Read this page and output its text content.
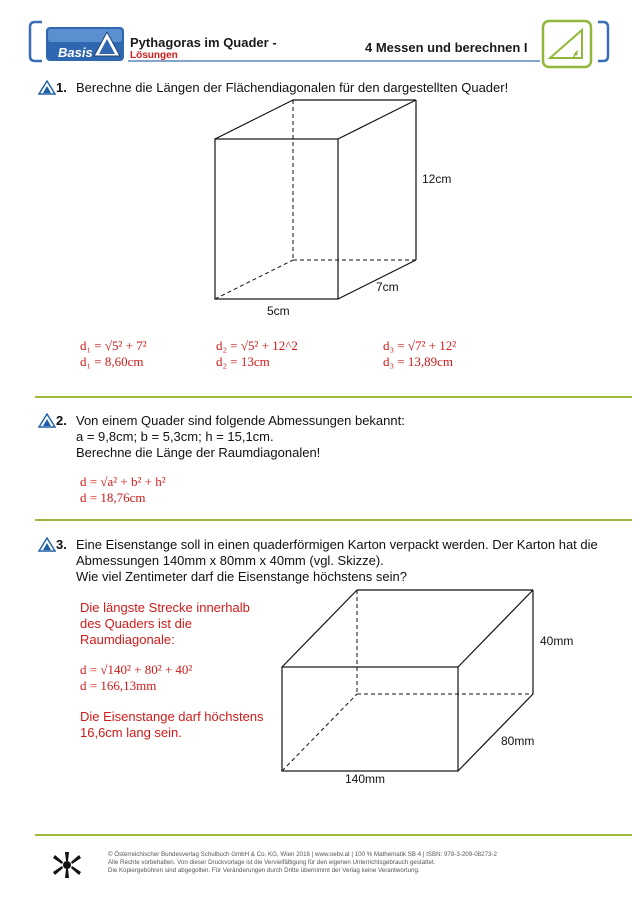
Basis
Pythagoras im Quader -
Lösungen
4 Messen und berechnen I
1. Berechne die Längen der Flächendiagonalen für den dargestellten Quader!
12cm
7cm
5cm
d₁ = √5² + 7²
d₁ = 8,60cm
d₂ = √5² + 12^2
d₂ = 13cm
d₃ = √7² + 12²
d₃ = 13,89cm
2. Von einem Quader sind folgende Abmessungen bekannt:
a = 9,8cm; b = 5,3cm; h = 15,1cm.
Berechne die Länge der Raumdiagonalen!
d = √a² + b² + h²
d = 18,76cm
3. Eine Eisenstange soll in einen quaderförmigen Karton verpackt werden. Der Karton hat die
Abmessungen 140mm x 80mm x 40mm (vgl. Skizze).
Wie viel Zentimeter darf die Eisenstange höchstens sein?
Die längste Strecke innerhalb
des Quaders ist die
Raumdiagonale:
d = √140² + 80² + 40²
d = 166,13mm
Die Eisenstange darf höchstens
16,6cm lang sein.
40mm
80mm
140mm
© Österreichischer Bundesverlag Schulbuch GmbH & Co. KG, Wien 2016 | www.oebv.at | 100 % Mathematik SB 4 | ISBN: 978-3-209-08273-2
Alle Rechte vorbehalten. Von dieser Druckvorlage ist die Vervielfältigung für den eigenen Unterrichtsgebrauch gestattet.
Die Kopiergebühren sind abgegolten. Für Veränderungen durch Dritte übernimmt der Verlag keine Verantwortung.
